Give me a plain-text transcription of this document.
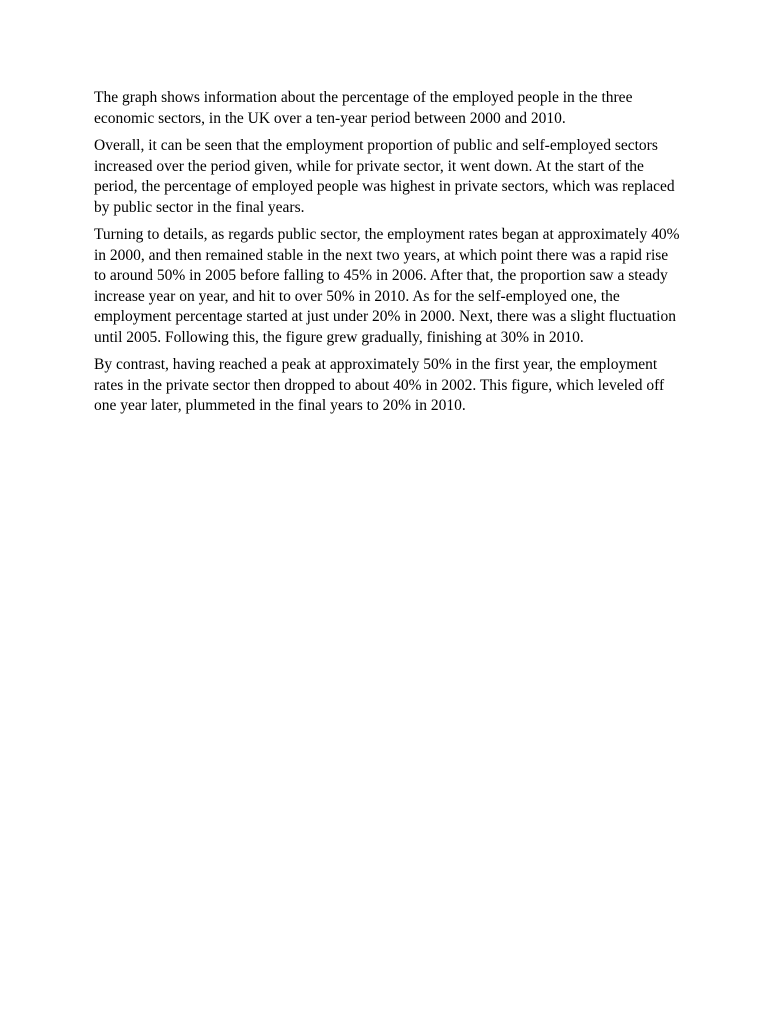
The graph shows information about the percentage of the employed people in the three economic sectors, in the UK over a ten-year period between 2000 and 2010.

Overall, it can be seen that the employment proportion of public and self-employed sectors increased over the period given, while for private sector, it went down. At the start of the period, the percentage of employed people was highest in private sectors, which was replaced by public sector in the final years.

Turning to details, as regards public sector, the employment rates began at approximately 40% in 2000, and then remained stable in the next two years, at which point there was a rapid rise to around 50% in 2005 before falling to 45% in 2006. After that, the proportion saw a steady increase year on year, and hit to over 50% in 2010. As for the self-employed one, the employment percentage started at just under 20% in 2000. Next, there was a slight fluctuation until 2005. Following this, the figure grew gradually, finishing at 30% in 2010.

By contrast, having reached a peak at approximately 50% in the first year, the employment rates in the private sector then dropped to about 40% in 2002. This figure, which leveled off one year later, plummeted in the final years to 20% in 2010.
